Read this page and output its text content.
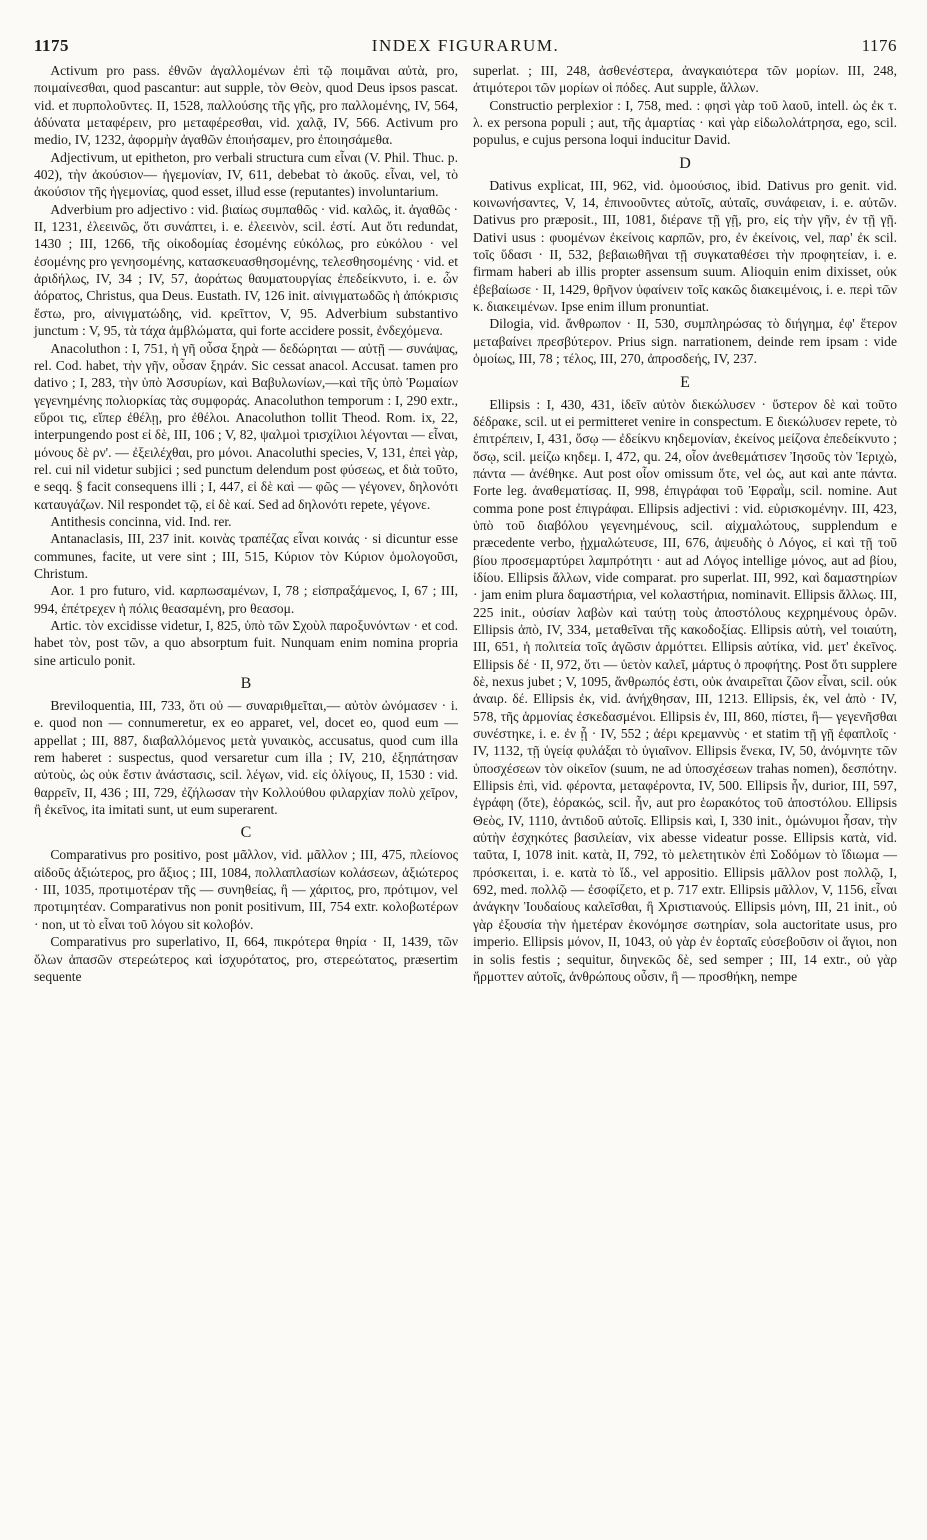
1175	INDEX FIGURARUM.	1176

Activum pro pass. ἐθνῶν ἀγαλλομένων ἐπὶ τῷ ποιμᾶναι αὐτὰ, pro, ποιμαίνεσθαι, quod pascantur: aut supple, τὸν Θεὸν, quod Deus ipsos pascat. vid. et πυρπολοῦντες. II, 1528, παλλούσης τῆς γῆς, pro παλλομένης, IV, 564, ἀδύνατα μεταφέρειν, pro μεταφέρεσθαι, vid. χαλᾷ, IV, 566. Activum pro medio, IV, 1232, ἀφορμὴν ἀγαθῶν ἐποιήσαμεν, pro ἐποιησάμεθα.

Adjectivum, ut epitheton, pro verbali structura cum εἶναι (V. Phil. Thuc. p. 402), τὴν ἀκούσιον— ἡγεμονίαν, IV, 611, debebat τὸ ἀκοῦς. εἶναι, vel, τὸ ἀκούσιον τῆς ἡγεμονίας, quod esset, illud esse (reputantes) involuntarium.

Adverbium pro adjectivo : vid. βιαίως συμπαθῶς · vid. καλῶς, it. ἀγαθῶς · II, 1231, ἐλεεινῶς, ὅτι συνάπτει, i. e. ἐλεεινὸν, scil. ἐστί. Aut ὅτι redundat, 1430 ; III, 1266, τῆς οἰκοδομίας ἐσομένης εὐκόλως, pro εὐκόλου · vel ἐσομένης pro γενησομένης, κατασκευασθησομένης, τελεσθησομένης · vid. et ἀριδήλως, IV, 34 ; IV, 57, ἀοράτως θαυματουργίας ἐπεδείκνυτο, i. e. ὧν ἀόρατος, Christus, qua Deus. Eustath. IV, 126 init. αἰνιγματωδῶς ἡ ἀπόκρισις ἔστω, pro, αἰνιγματώδης, vid. κρεῖττον, V, 95. Adverbium substantivo junctum : V, 95, τὰ τάχα ἀμβλώματα, qui forte accidere possit, ἐνδεχόμενα.

Anacoluthon : I, 751, ἡ γῆ οὖσα ξηρὰ — δεδώρηται — αὐτῇ — συνάψας, rel. Cod. habet, τὴν γῆν, οὖσαν ξηράν. Sic cessat anacol. Accusat. tamen pro dativo ; I, 283, τὴν ὑπὸ Ἀσσυρίων, καὶ Βαβυλωνίων,—καὶ τῆς ὑπὸ Ῥωμαίων γεγενημένης πολιορκίας τὰς συμφοράς. Anacoluthon temporum : I, 290 extr., εὕροι τις, εἴπερ ἐθέλῃ, pro ἐθέλοι. Anacoluthon tollit Theod. Rom. ix, 22, interpungendo post εἰ δὲ, III, 106 ; V, 82, ψαλμοὶ τρισχίλιοι λέγονται — εἶναι, μόνους δὲ ρν'. — ἐξειλέχθαι, pro μόνοι. Anacoluthi species, V, 131, ἐπεὶ γὰρ, rel. cui nil videtur subjici ; sed punctum delendum post φύσεως, et διὰ τοῦτο, e seqq. § facit consequens illi ; I, 447, εἰ δὲ καὶ — φῶς — γέγονεν, δηλονότι καταυγάζων. Nil respondet τῷ, εἰ δὲ καί. Sed ad δηλονότι repete, γέγονε.

Antithesis concinna, vid. Ind. rer.

Antanaclasis, III, 237 init. κοινὰς τραπέζας εἶναι κοινάς · si dicuntur esse communes, facite, ut vere sint ; III, 515, Κύριον τὸν Κύριον ὁμολογοῦσι, Christum.

Aor. 1 pro futuro, vid. καρπωσαμένων, I, 78 ; εἰσπραξάμενος, I, 67 ; III, 994, ἐπέτρεχεν ἡ πόλις θεασαμένη, pro θεασομ.

Artic. τὸν excidisse videtur, I, 825, ὑπὸ τῶν Σχοὺλ παροξυνόντων · et cod. habet τὸν, post τῶν, a quo absorptum fuit. Nunquam enim nomina propria sine articulo ponit.

B

Breviloquentia, III, 733, ὅτι οὐ — συναριθμεῖται,— αὐτὸν ὠνόμασεν · i. e. quod non — connumeretur, ex eo apparet, vel, docet eo, quod eum — appellat ; III, 887, διαβαλλόμενος μετὰ γυναικὸς, accusatus, quod cum illa rem haberet : suspectus, quod versaretur cum illa ; IV, 210, ἐξηπάτησαν αὐτοὺς, ὡς οὐκ ἔστιν ἀνάστασις, scil. λέγων, vid. εἰς ὀλίγους, II, 1530 : vid. θαρρεῖν, II, 436 ; III, 729, ἐζήλωσαν τὴν Κολλούθου φιλαρχίαν πολὺ χεῖρον, ἢ ἐκεῖνος, ita imitati sunt, ut eum superarent.

C

Comparativus pro positivo, post μᾶλλον, vid. μᾶλλον ; III, 475, πλείονος αἰδοῦς ἀξιώτερος, pro ἄξιος ; III, 1084, πολλαπλασίων κολάσεων, ἀξιώτερος · III, 1035, προτιμοτέραν τῆς — συνηθείας, ἢ — χάριτος, pro, πρότιμον, vel προτιμητέαν. Comparativus non ponit positivum, III, 754 extr. κολοβωτέρων · non, ut τὸ εἶναι τοῦ λόγου sit κολοβόν.

Comparativus pro superlativo, II, 664, πικρότερα θηρία · II, 1439, τῶν ὅλων ἁπασῶν στερεώτερος καὶ ἰσχυρότατος, pro, στερεώτατος, præsertim sequente

superlat. ; III, 248, ἀσθενέστερα, ἀναγκαιότερα τῶν μορίων. III, 248, ἀτιμότεροι τῶν μορίων οἱ πόδες. Aut supple, ἄλλων.

Constructio perplexior : I, 758, med. : φησὶ γὰρ τοῦ λαοῦ, intell. ὡς ἐκ τ. λ. ex persona populi ; aut, τῆς ἁμαρτίας · καὶ γὰρ εἰδωλολάτρησα, ego, scil. populus, e cujus persona loqui inducitur David.

D

Dativus explicat, III, 962, vid. ὁμοούσιος, ibid. Dativus pro genit. vid. κοινωνήσαντες, V, 14, ἐπινοοῦντες αὐτοῖς, αὐταῖς, συνάφειαν, i. e. αὐτῶν. Dativus pro præposit., III, 1081, διέρανε τῇ γῇ, pro, εἰς τὴν γῆν, ἐν τῇ γῇ. Dativi usus : φυομένων ἐκείνοις καρπῶν, pro, ἐν ἐκείνοις, vel, παρ' ἐκ scil. τοῖς ὕδασι · II, 532, βεβαιωθῆναι τῇ συγκαταθέσει τὴν προφητείαν, i. e. firmam haberi ab illis propter assensum suum. Alioquin enim dixisset, οὐκ ἐβεβαίωσε · II, 1429, θρῆνον ὑφαίνειν τοῖς κακῶς διακειμένοις, i. e. περὶ τῶν κ. διακειμένων. Ipse enim illum pronuntiat.

Dilogia, vid. ἄνθρωπον · II, 530, συμπληρώσας τὸ διήγημα, ἐφ' ἕτερον μεταβαίνει πρεσβύτερον. Prius sign. narrationem, deinde rem ipsam : vide ὁμοίως, III, 78 ; τέλος, III, 270, ἀπροσδεής, IV, 237.

E

Ellipsis : I, 430, 431, ἰδεῖν αὐτὸν διεκώλυσεν · ὕστερον δὲ καὶ τοῦτο δέδρακε, scil. ut ei permitteret venire in conspectum. E διεκώλυσεν repete, τὸ ἐπιτρέπειν, I, 431, ὅσῳ — ἐδείκνυ κηδεμονίαν, ἐκείνος μείζονα ἐπεδείκνυτο ; ὅσῳ, scil. μείζω κηδεμ. I, 472, qu. 24, οἷον ἀνεθεμάτισεν Ἰησοῦς τὸν Ἱεριχὼ, πάντα — ἀνέθηκε. Aut post οἷον omissum ὅτε, vel ὡς, aut καὶ ante πάντα. Forte leg. ἀναθεματίσας. II, 998, ἐπιγράφαι τοῦ Ἐφραῒμ, scil. nomine. Aut comma pone post ἐπιγράφαι. Ellipsis adjectivi : vid. εὑρισκομένην. III, 423, ὑπὸ τοῦ διαβόλου γεγενημένους, scil. αἰχμαλώτους, supplendum e præcedente verbo, ᾐχμαλώτευσε, III, 676, ἀψευδὴς ὁ Λόγος, εἰ καὶ τῇ τοῦ βίου προσεμαρτύρει λαμπρότητι · aut ad Λόγος intellige μόνος, aut ad βίου, ἰδίου. Ellipsis ἄλλων, vide comparat. pro superlat. III, 992, καὶ δαμαστηρίων · jam enim plura δαμαστήρια, vel κολαστήρια, nominavit. Ellipsis ἄλλως. III, 225 init., οὐσίαν λαβὼν καὶ ταύτῃ τοὺς ἀποστόλους κεχρημένους ὁρῶν. Ellipsis ἀπὸ, IV, 334, μεταθεῖναι τῆς κακοδοξίας. Ellipsis αὐτὴ, vel τοιαύτη, III, 651, ἡ πολιτεία τοῖς ἀγῶσιν ἁρμόττει. Ellipsis αὐτίκα, vid. μετ' ἐκεῖνος. Ellipsis δέ · II, 972, ὅτι — ὑετὸν καλεῖ, μάρτυς ὁ προφήτης. Post ὅτι supplere δὲ, nexus jubet ; V, 1095, ἄνθρωπός ἐστι, οὐκ ἀναιρεῖται ζῶον εἶναι, scil. οὐκ ἀναιρ. δέ. Ellipsis ἐκ, vid. ἀνήχθησαν, III, 1213. Ellipsis, ἐκ, vel ἀπὸ · IV, 578, τῆς ἁρμονίας ἐσκεδασμένοι. Ellipsis ἐν, III, 860, πίστει, ἢ— γεγενῆσθαι συνέστηκε, i. e. ἐν ᾗ · IV, 552 ; ἀέρι κρεμαννὺς · et statim τῇ γῇ ἐφαπλοῖς · IV, 1132, τῇ ὑγείᾳ φυλάξαι τὸ ὑγιαῖνον. Ellipsis ἕνεκα, IV, 50, ἀνόμνητε τῶν ὑποσχέσεων τὸν οἰκεῖον (suum, ne ad ὑποσχέσεων trahas nomen), δεσπότην. Ellipsis ἐπὶ, vid. φέροντα, μεταφέροντα, IV, 500. Ellipsis ἦν, durior, III, 597, ἐγράφη (ὅτε), ἑόρακώς, scil. ἦν, aut pro ἑωρακότος τοῦ ἀποστόλου. Ellipsis Θεὸς, IV, 1110, ἀντιδοῦ αὐτοῖς. Ellipsis καὶ, I, 330 init., ὁμώνυμοι ἦσαν, τὴν αὐτὴν ἐσχηκότες βασιλείαν, vix abesse videatur posse. Ellipsis κατὰ, vid. ταῦτα, I, 1078 init. κατὰ, II, 792, τὸ μελετητικὸν ἐπὶ Σοδόμων τὸ ἴδιωμα — πρόσκειται, i. e. κατὰ τὸ ἴδ., vel appositio. Ellipsis μᾶλλον post πολλῷ, I, 692, med. πολλῷ — ἐσοφίζετο, et p. 717 extr. Ellipsis μᾶλλον, V, 1156, εἶναι ἀνάγκην Ἰουδαίους καλεῖσθαι, ἢ Χριστιανούς. Ellipsis μόνη, III, 21 init., οὐ γὰρ ἐξουσία τὴν ἡμετέραν ἐκονόμησε σωτηρίαν, sola auctoritate usus, pro imperio. Ellipsis μόνον, II, 1043, οὐ γὰρ ἐν ἑορταῖς εὐσεβοῦσιν οἱ ἅγιοι, non in solis festis ; sequitur, διηνεκῶς δὲ, sed semper ; III, 14 extr., οὐ γὰρ ἥρμοττεν αὐτοῖς, ἀνθρώπους οὖσιν, ἢ — προσθήκη, nempe
